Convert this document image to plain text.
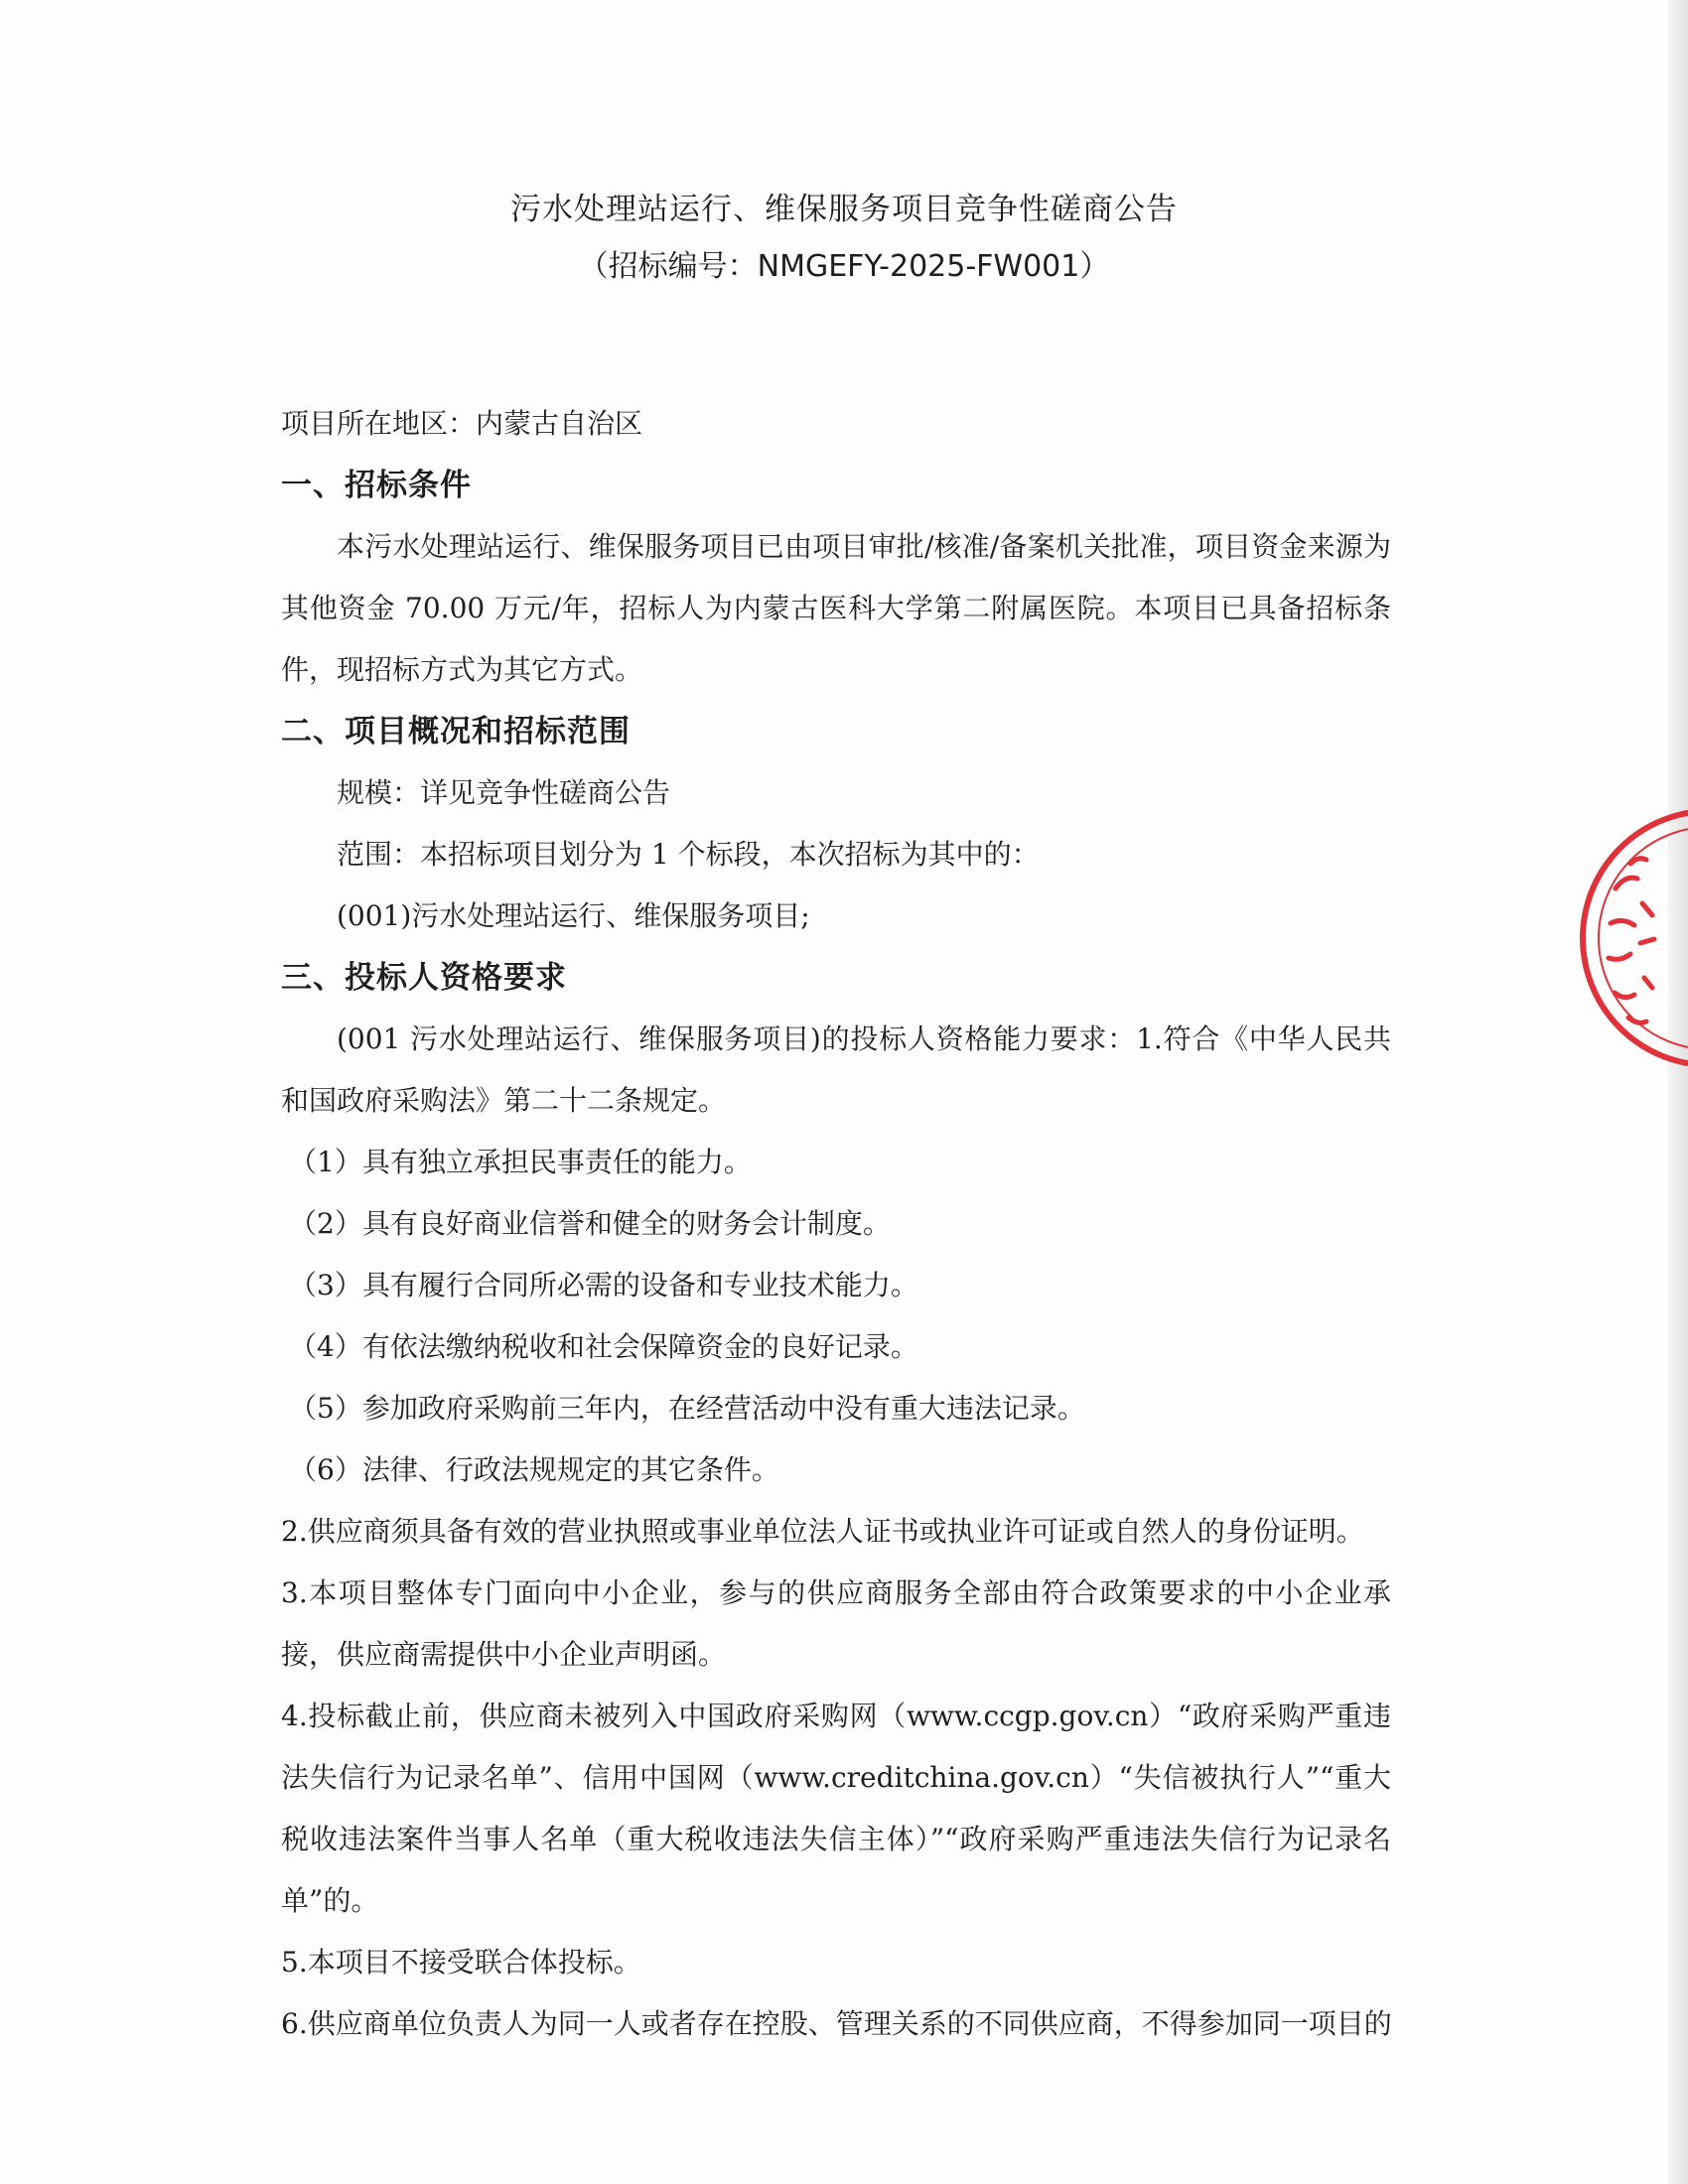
污水处理站运行、维保服务项目竞争性磋商公告
（招标编号：NMGEFY-2025-FW001）

项目所在地区：内蒙古自治区

一、招标条件

本污水处理站运行、维保服务项目已由项目审批/核准/备案机关批准，项目资金来源为其他资金 70.00 万元/年，招标人为内蒙古医科大学第二附属医院。本项目已具备招标条件，现招标方式为其它方式。

二、项目概况和招标范围

规模：详见竞争性磋商公告

范围：本招标项目划分为 1 个标段，本次招标为其中的：

(001)污水处理站运行、维保服务项目;

三、投标人资格要求

(001 污水处理站运行、维保服务项目)的投标人资格能力要求：1.符合《中华人民共和国政府采购法》第二十二条规定。

（1）具有独立承担民事责任的能力。

（2）具有良好商业信誉和健全的财务会计制度。

（3）具有履行合同所必需的设备和专业技术能力。

（4）有依法缴纳税收和社会保障资金的良好记录。

（5）参加政府采购前三年内，在经营活动中没有重大违法记录。

（6）法律、行政法规规定的其它条件。

2.供应商须具备有效的营业执照或事业单位法人证书或执业许可证或自然人的身份证明。

3.本项目整体专门面向中小企业，参与的供应商服务全部由符合政策要求的中小企业承接，供应商需提供中小企业声明函。

4.投标截止前，供应商未被列入中国政府采购网（www.ccgp.gov.cn）“政府采购严重违法失信行为记录名单”、信用中国网（www.creditchina.gov.cn）“失信被执行人”“重大税收违法案件当事人名单（重大税收违法失信主体）”“政府采购严重违法失信行为记录名单”的。

5.本项目不接受联合体投标。

6.供应商单位负责人为同一人或者存在控股、管理关系的不同供应商，不得参加同一项目的
